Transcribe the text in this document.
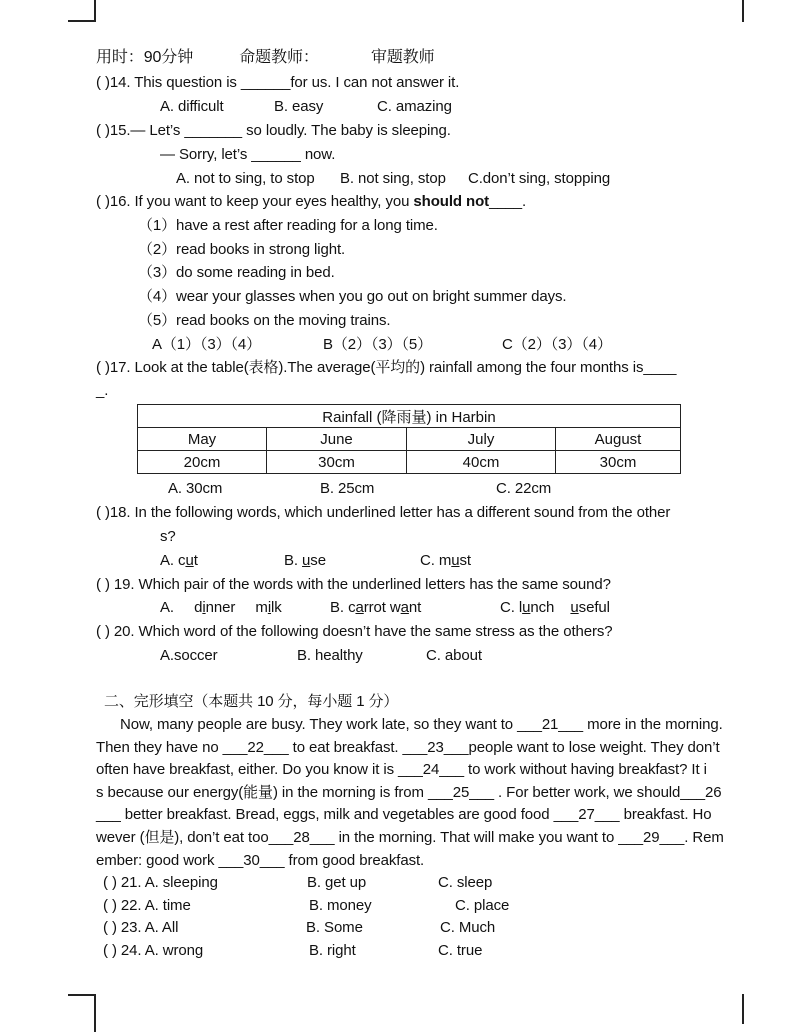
用时：90分钟	命题教师：	审题教师
( )14. This question is ______for us. I can not answer it.
A. difficult	B. easy	C. amazing
( )15.— Let’s _______ so loudly. The baby is sleeping.
— Sorry, let’s ______ now.
A. not to sing, to stop B. not sing, stop C.don’t sing, stopping
( )16. If you want to keep your eyes healthy, you should not____.
（1）have a rest after reading for a long time.
（2）read books in strong light.
（3）do some reading in bed.
（4）wear your glasses when you go out on bright summer days.
（5）read books on the moving trains.
A（1）（3）（4）	B（2）（3）（5）	C（2）（3）（4）
( )17. Look at the table(表格).The average(平均的) rainfall among the four months is____
_.
Rainfall (降雨量) in Harbin			
May	June	July	August
20cm	30cm	40cm	30cm
A. 30cm	B. 25cm	C. 22cm
( )18. In the following words, which underlined letter has a different sound from the other
s?
A. cut	B. use	C. must
( ) 19. Which pair of the words with the underlined letters has the same sound?
A. dinner milk	B. carrot want	C. lunch useful
( ) 20. Which word of the following doesn’t have the same stress as the others?
A.soccer	B. healthy	C. about
二、完形填空（本题共 10 分，每小题 1 分）
Now, many people are busy. They work late, so they want to ___21___ more in the morning.
Then they have no ___22___ to eat breakfast. ___23___people want to lose weight. They don’t
often have breakfast, either. Do you know it is ___24___ to work without having breakfast? It i
s because our energy(能量) in the morning is from ___25___ . For better work, we should___26
___ better breakfast. Bread, eggs, milk and vegetables are good food ___27___ breakfast. Ho
wever (但是), don’t eat too___28___ in the morning. That will make you want to ___29___. Rem
ember: good work ___30___ from good breakfast.
( ) 21. A. sleeping	B. get up	C. sleep
( ) 22. A. time	B. money	C. place
( ) 23. A. All	B. Some	C. Much
( ) 24. A. wrong	B. right	C. true
